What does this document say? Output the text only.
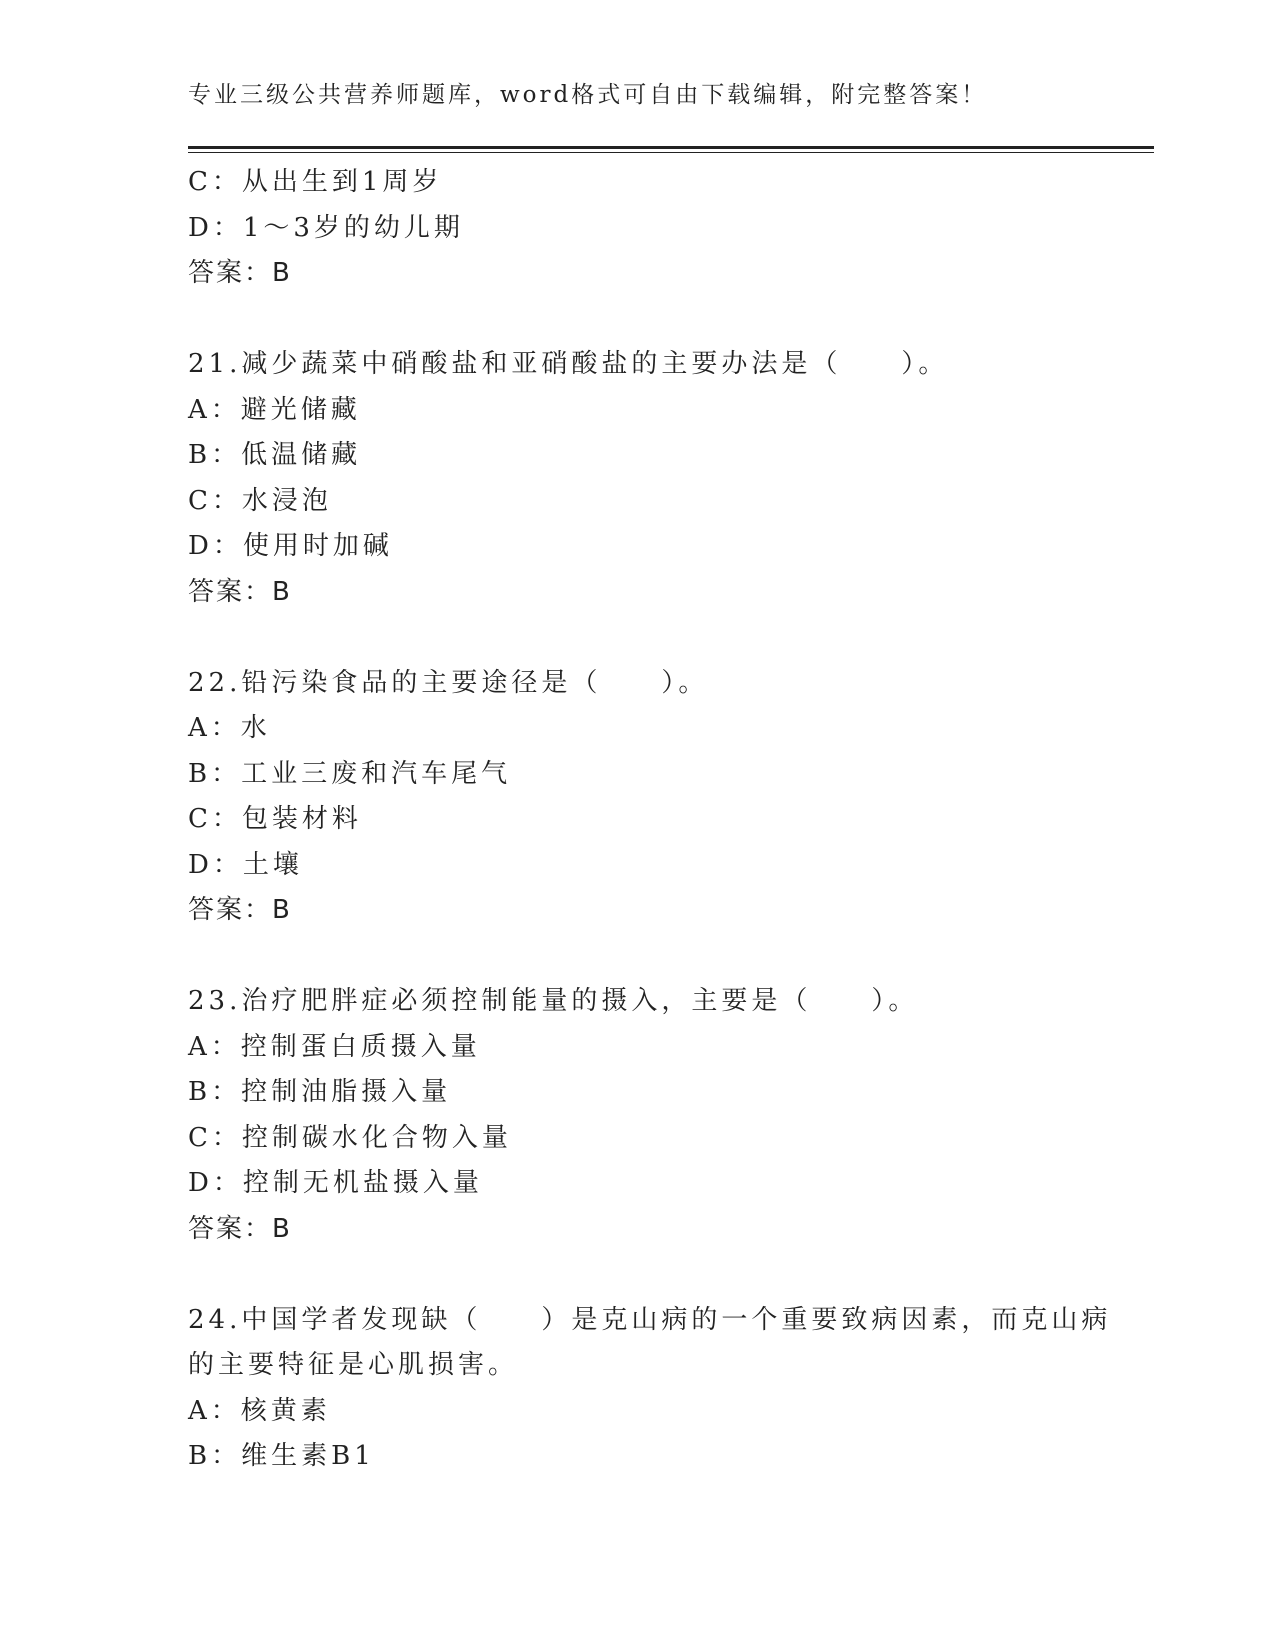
专业三级公共营养师题库，word格式可自由下载编辑，附完整答案！
C：从出生到1周岁
D：1～3岁的幼儿期
答案：B
21.减少蔬菜中硝酸盐和亚硝酸盐的主要办法是（　　）。
A：避光储藏
B：低温储藏
C：水浸泡
D：使用时加碱
答案：B
22.铅污染食品的主要途径是（　　）。
A：水
B：工业三废和汽车尾气
C：包装材料
D：土壤
答案：B
23.治疗肥胖症必须控制能量的摄入，主要是（　　）。
A：控制蛋白质摄入量
B：控制油脂摄入量
C：控制碳水化合物入量
D：控制无机盐摄入量
答案：B
24.中国学者发现缺（　　）是克山病的一个重要致病因素，而克山病
的主要特征是心肌损害。
A：核黄素
B：维生素B1
